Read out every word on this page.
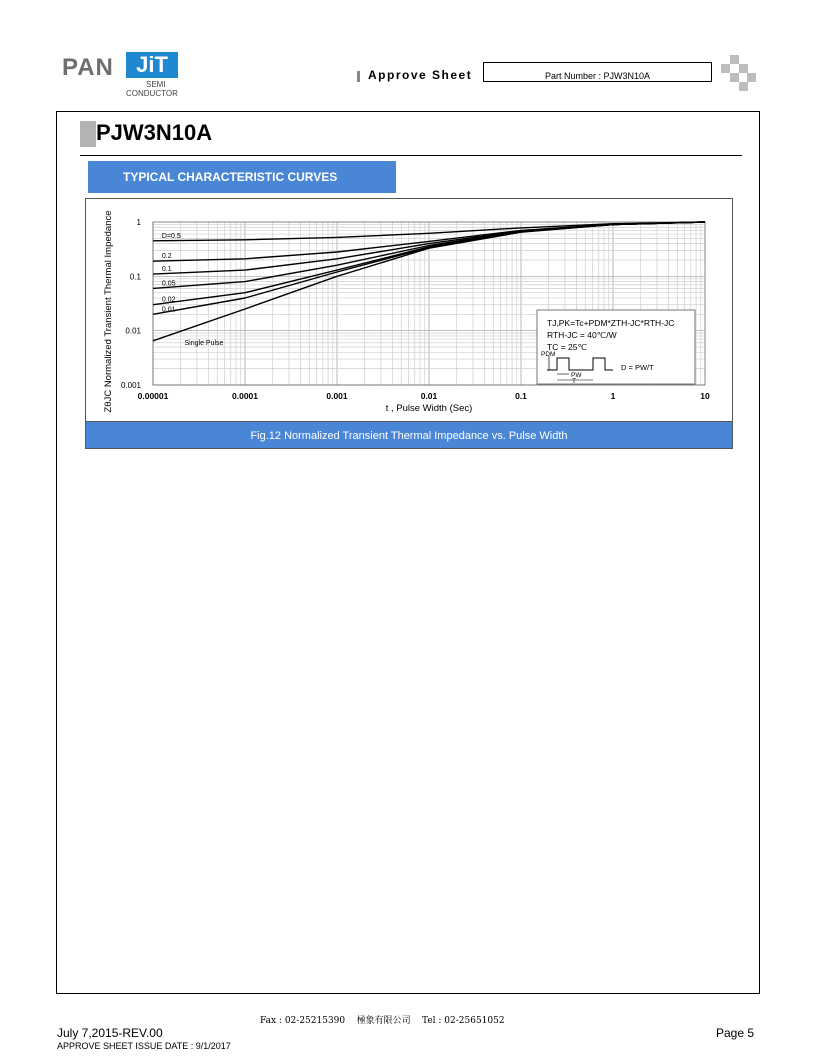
PAN	JiT
SEMI
CONDUCTOR
Approve Sheet	Part Number : PJW3N10A
PJW3N10A
TYPICAL CHARACTERISTIC CURVES
0.00001	0.0001	0.001	0.01	0.1	1	10
1
0.1
0.01
0.001
t , Pulse Width (Sec)
ZθJC Normalized Transient Thermal Impedance	D=0.5
0.2
0.1
0.05
0.02
0.01
Single Pulse
TJ,PK=Tc+PDM*ZTH-JC*RTH-JC
RTH-JC = 40℃/W
TC = 25℃
PDM
PW
T
D = PW/T
Fig.12 Normalized Transient Thermal Impedance vs. Pulse Width
Fax : 02-25215390    極象有限公司    Tel : 02-25651052
July 7,2015-REV.00
APPROVE SHEET ISSUE DATE : 9/1/2017
Page 5
